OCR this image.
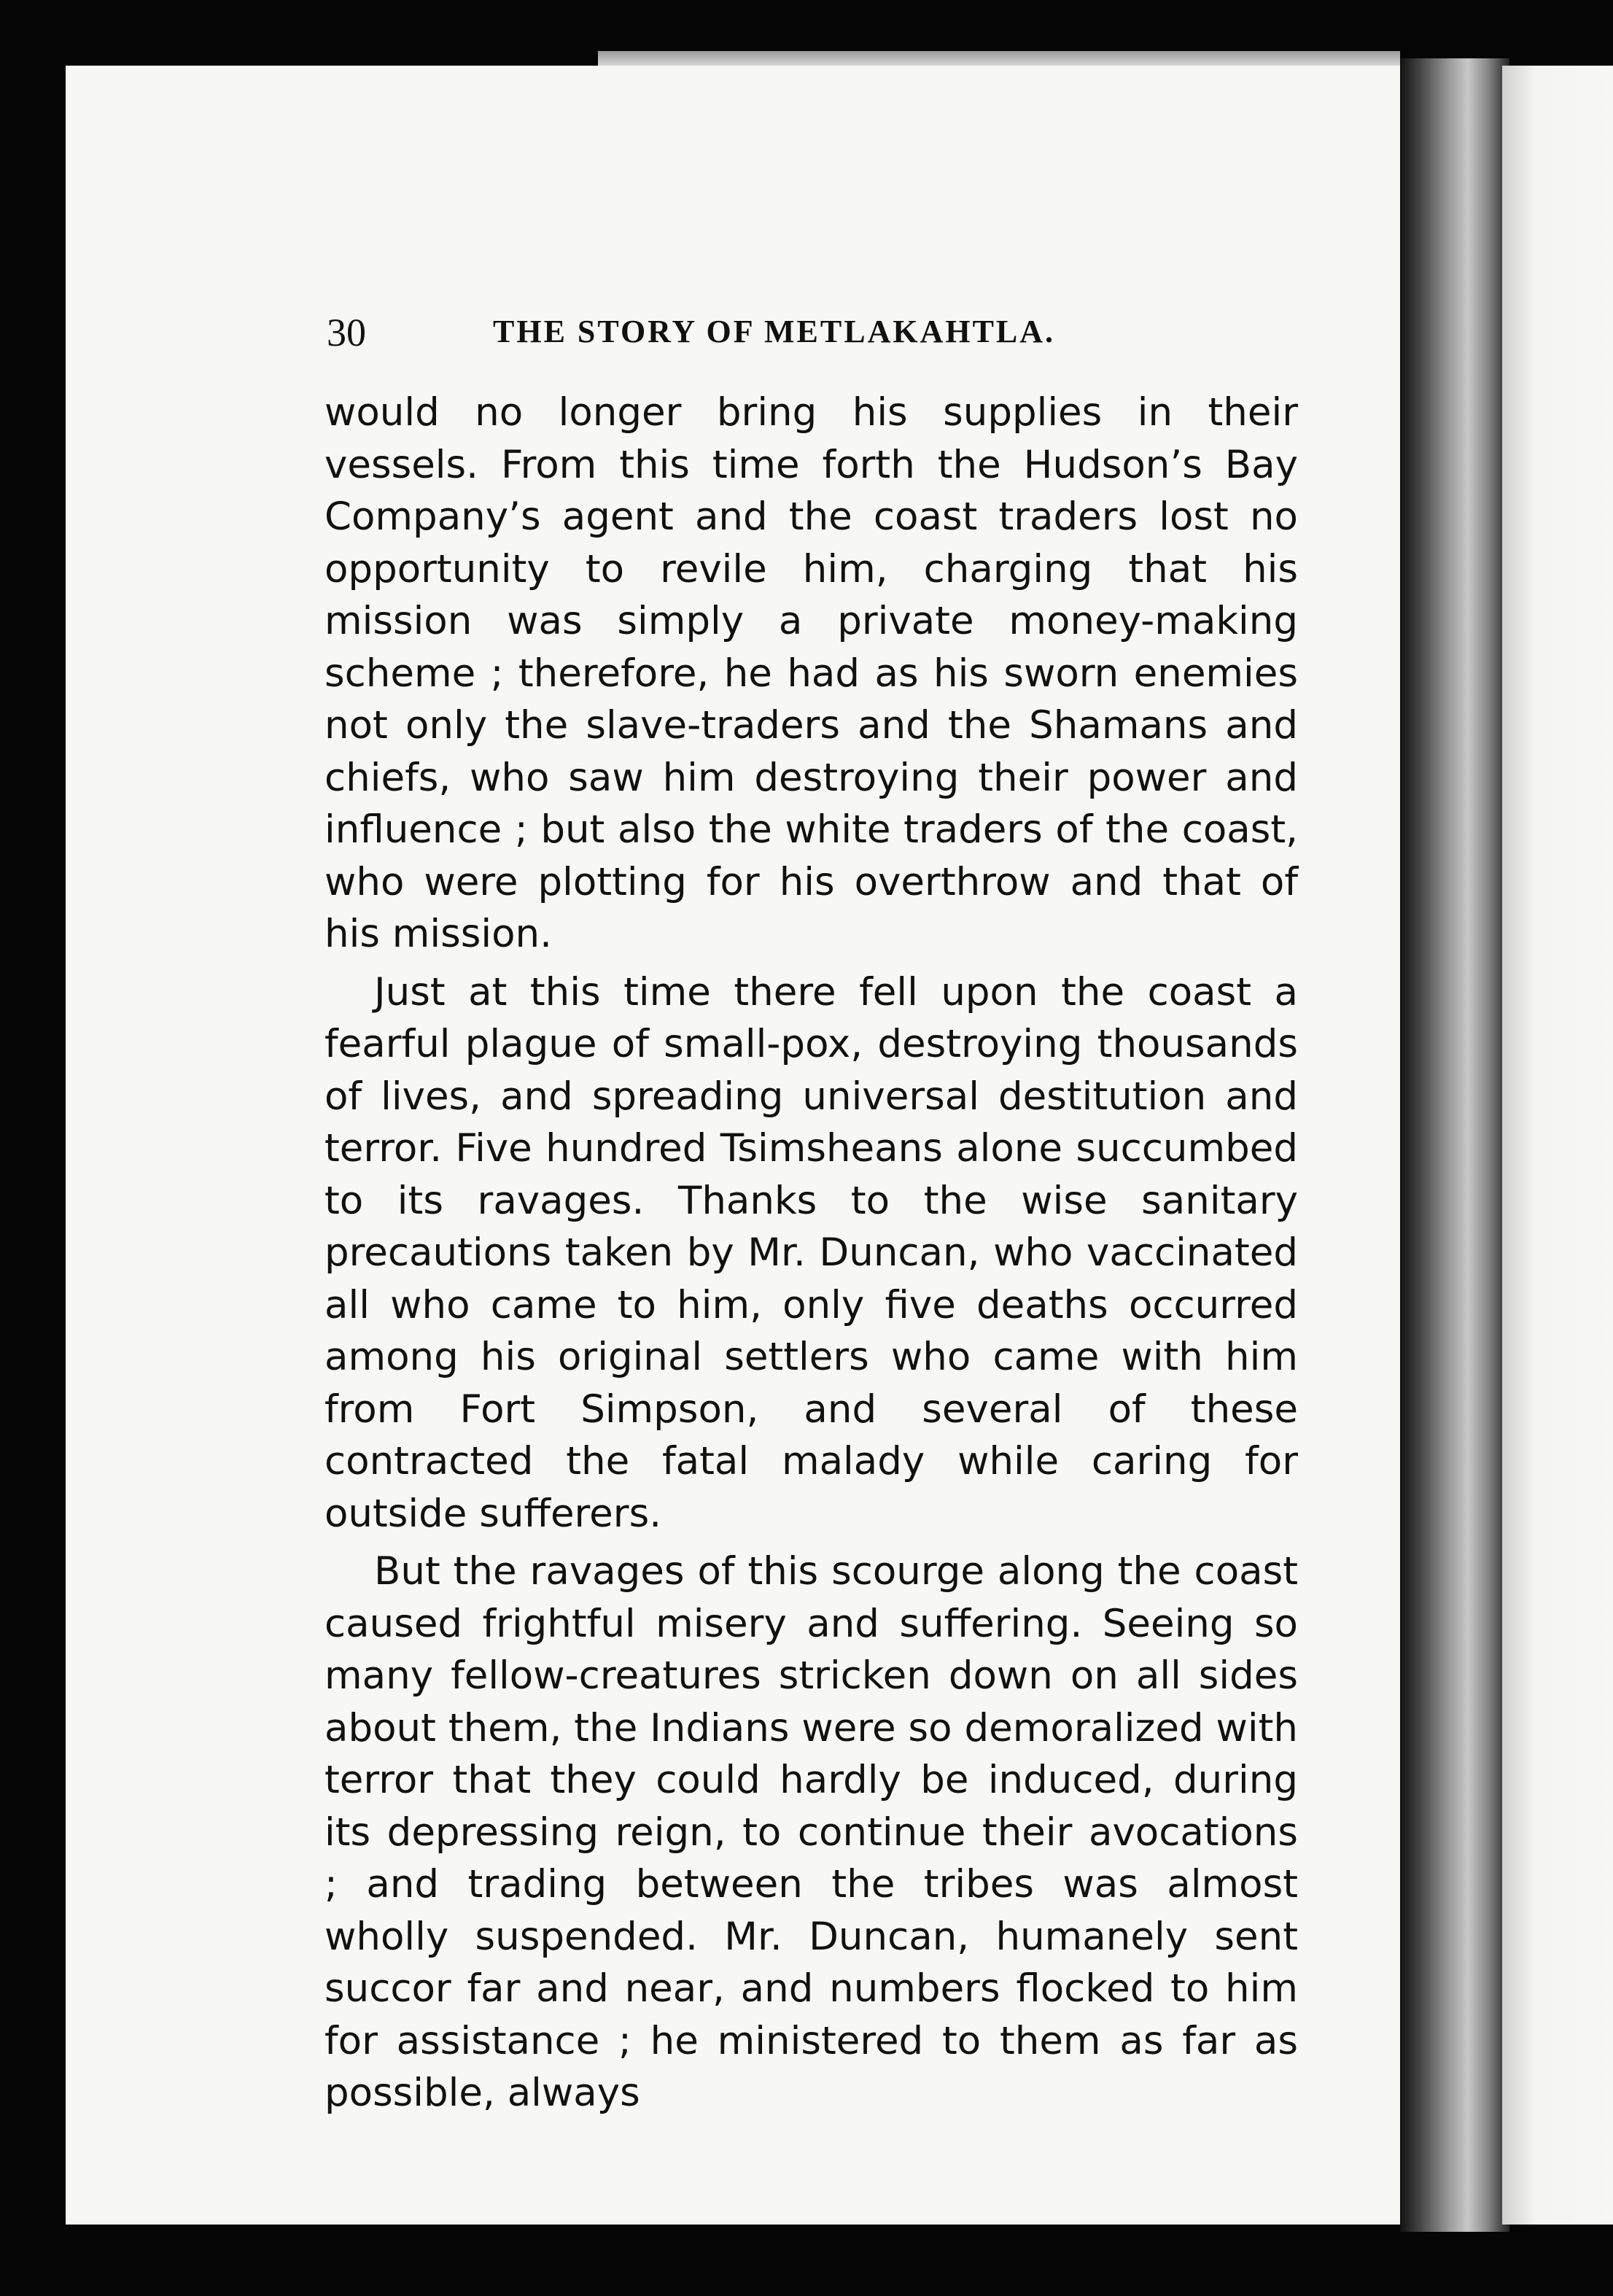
30	THE STORY OF METLAKAHTLA.

would no longer bring his supplies in their vessels. From this time forth the Hudson’s Bay Company’s agent and the coast traders lost no opportunity to revile him, charging that his mission was simply a private money-making scheme ; therefore, he had as his sworn enemies not only the slave-traders and the Shamans and chiefs, who saw him destroying their power and influence ; but also the white traders of the coast, who were plotting for his overthrow and that of his mission.

Just at this time there fell upon the coast a fearful plague of small-pox, destroying thousands of lives, and spreading universal destitution and terror. Five hundred Tsimsheans alone succumbed to its ravages. Thanks to the wise sanitary precautions taken by Mr. Duncan, who vaccinated all who came to him, only five deaths occurred among his original settlers who came with him from Fort Simpson, and several of these contracted the fatal malady while caring for outside sufferers.

But the ravages of this scourge along the coast caused frightful misery and suffering. Seeing so many fellow-creatures stricken down on all sides about them, the Indians were so demoralized with terror that they could hardly be induced, during its depressing reign, to continue their avocations ; and trading between the tribes was almost wholly suspended. Mr. Duncan, humanely sent succor far and near, and numbers flocked to him for assistance ; he ministered to them as far as possible, always
